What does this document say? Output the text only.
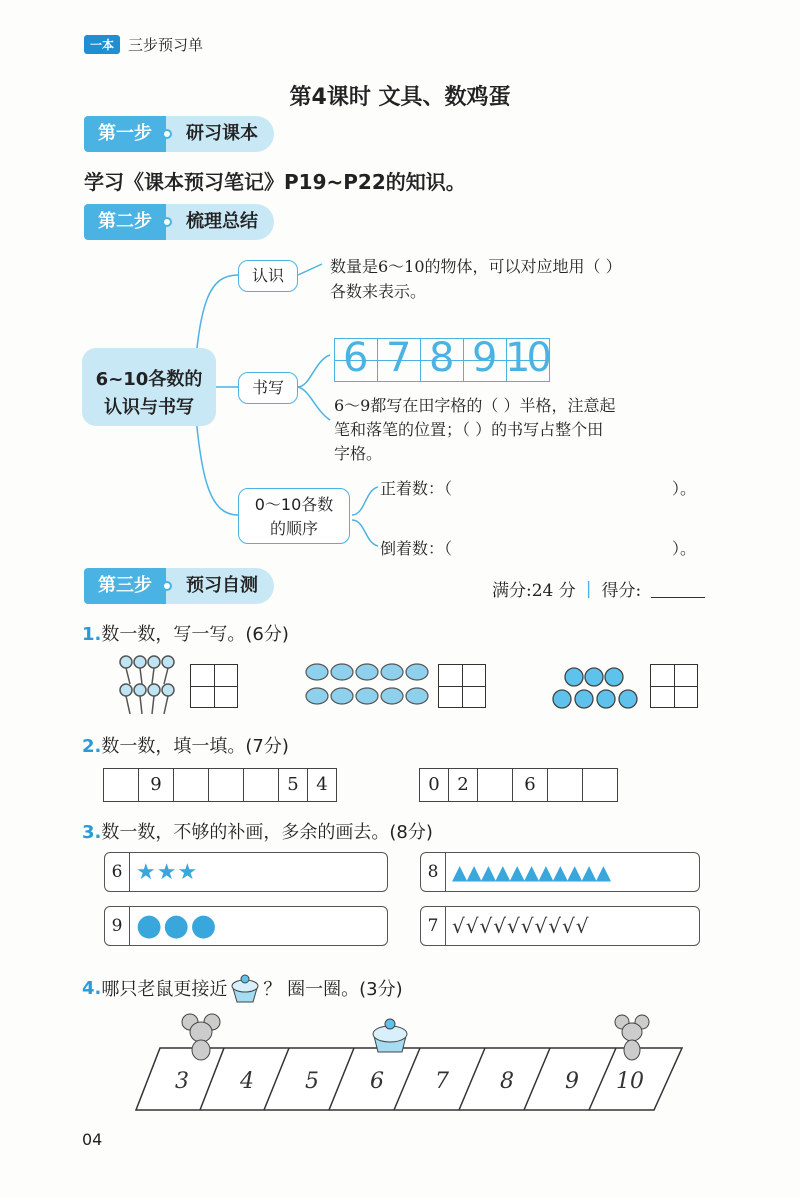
一本 三步预习单
第4课时 文具、数鸡蛋
第一步	研习课本
学习《课本预习笔记》P19~P22的知识。
第二步	梳理总结
6~10各数的
认识与书写
认识	数量是6～10的物体，可以对应地用（ ）
各数来表示。
书写
6 7 8 9 10
6～9都写在田字格的（ ）半格，注意起
笔和落笔的位置；（ ）的书写占整个田
字格。
0～10各数
的顺序
正着数：（	）。
倒着数：（	）。
第三步	预习自测	满分:24 分 | 得分:
1.数一数，写一写。(6分)
2.数一数，填一填。(7分)
9	5 4	0 2	6
3.数一数，不够的补画，多余的画去。(8分)
6 ★★★	8 ▲▲▲▲▲▲▲▲▲▲▲
9 ●●●	7 √√√√√√√√√√
4. 哪只老鼠更接近 ？ 圈一圈。(3分)
3 4 5 6 7 8 9 10
04
